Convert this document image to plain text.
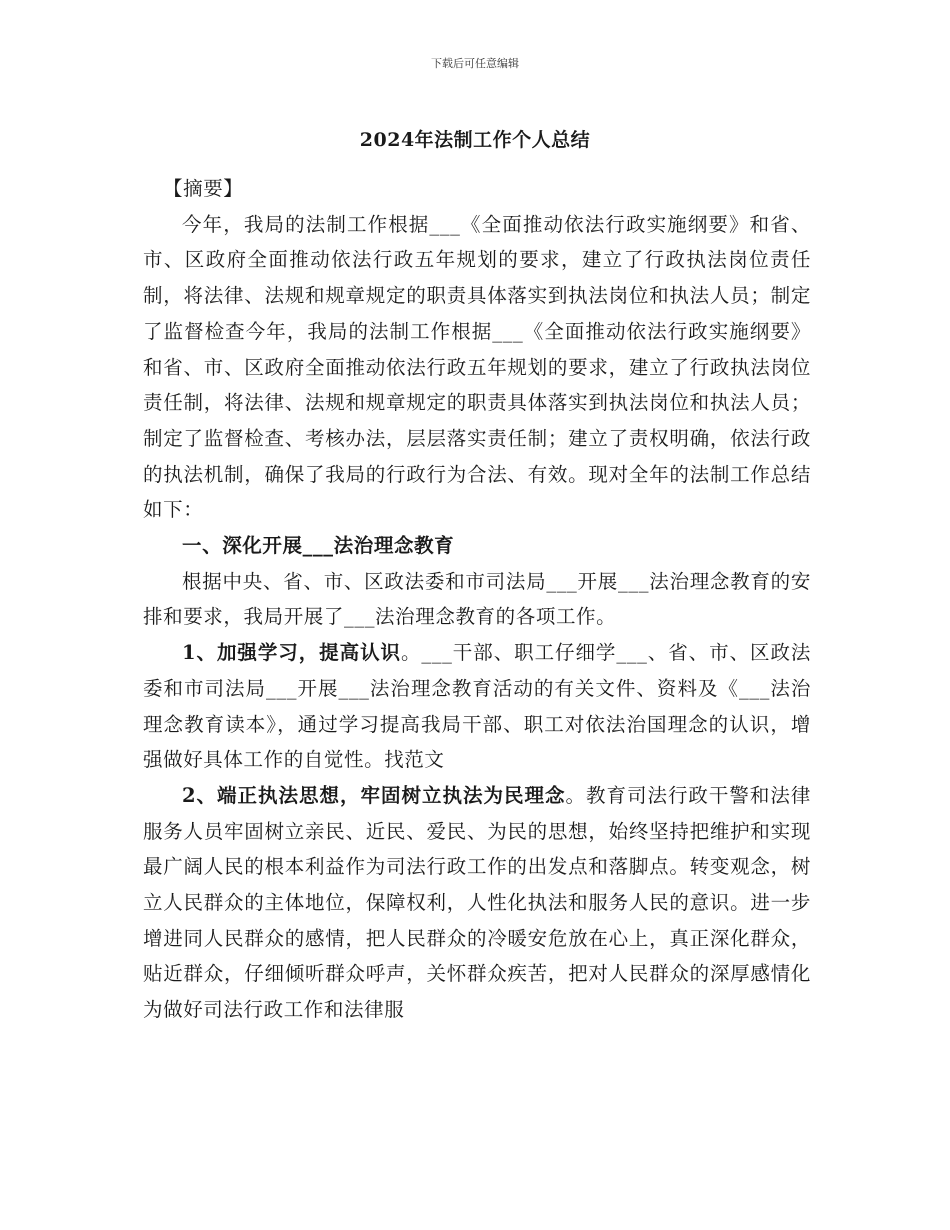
下载后可任意编辑
2024年法制工作个人总结

【摘要】

今年，我局的法制工作根据___《全面推动依法行政实施纲要》和省、市、区政府全面推动依法行政五年规划的要求，建立了行政执法岗位责任制，将法律、法规和规章规定的职责具体落实到执法岗位和执法人员；制定了监督检查今年，我局的法制工作根据___《全面推动依法行政实施纲要》和省、市、区政府全面推动依法行政五年规划的要求，建立了行政执法岗位责任制，将法律、法规和规章规定的职责具体落实到执法岗位和执法人员；制定了监督检查、考核办法，层层落实责任制；建立了责权明确，依法行政的执法机制，确保了我局的行政行为合法、有效。现对全年的法制工作总结如下：

一、深化开展___法治理念教育

根据中央、省、市、区政法委和市司法局___开展___法治理念教育的安排和要求，我局开展了___法治理念教育的各项工作。

1、加强学习，提高认识。___干部、职工仔细学___、省、市、区政法委和市司法局___开展___法治理念教育活动的有关文件、资料及《___法治理念教育读本》，通过学习提高我局干部、职工对依法治国理念的认识，增强做好具体工作的自觉性。找范文

2、端正执法思想，牢固树立执法为民理念。教育司法行政干警和法律服务人员牢固树立亲民、近民、爱民、为民的思想，始终坚持把维护和实现最广阔人民的根本利益作为司法行政工作的出发点和落脚点。转变观念，树立人民群众的主体地位，保障权利，人性化执法和服务人民的意识。进一步增进同人民群众的感情，把人民群众的冷暖安危放在心上，真正深化群众，贴近群众，仔细倾听群众呼声，关怀群众疾苦，把对人民群众的深厚感情化为做好司法行政工作和法律服
